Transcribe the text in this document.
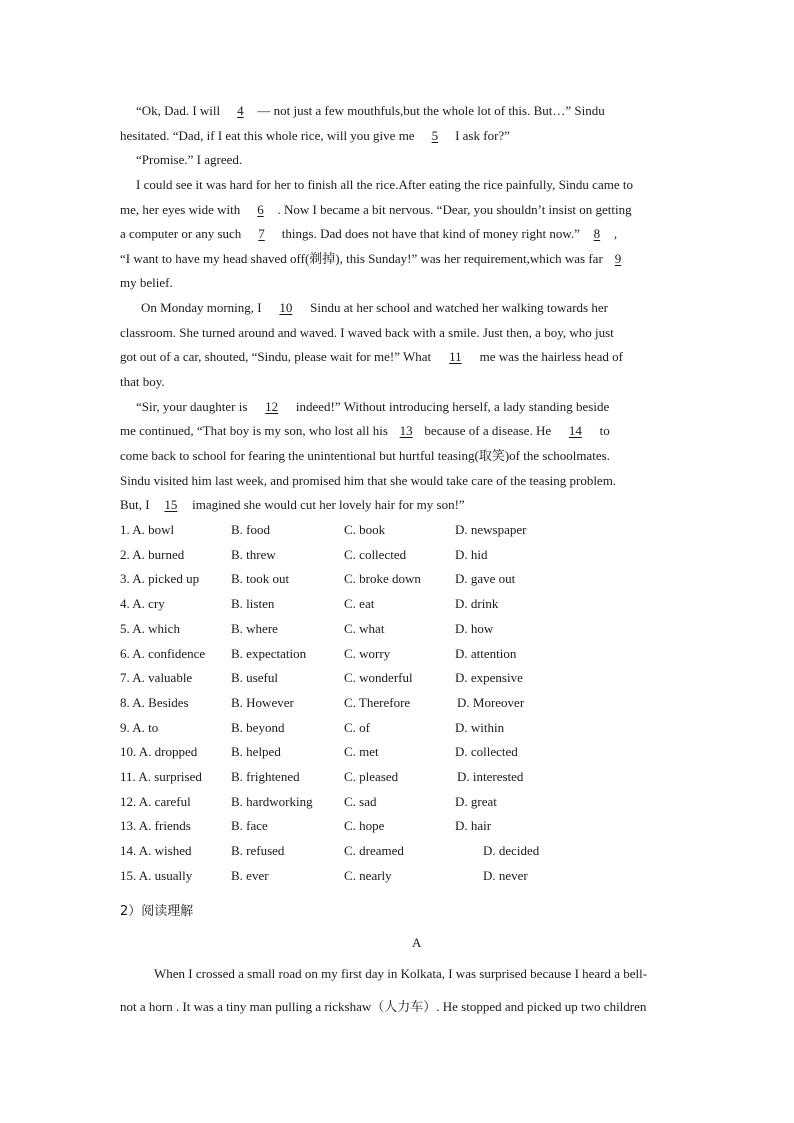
“Ok, Dad. I will 4 — not just a few mouthfuls,but the whole lot of this. But…” Sindu
hesitated. “Dad, if I eat this whole rice, will you give me 5 I ask for?”
“Promise.” I agreed.
I could see it was hard for her to finish all the rice.After eating the rice painfully, Sindu came to
me, her eyes wide with 6 . Now I became a bit nervous. “Dear, you shouldn’t insist on getting
a computer or any such 7 things. Dad does not have that kind of money right now.” 8 ,
“I want to have my head shaved off(剃掉), this Sunday!” was her requirement,which was far 9
my belief.
On Monday morning, I 10 Sindu at her school and watched her walking towards her
classroom. She turned around and waved. I waved back with a smile. Just then, a boy, who just
got out of a car, shouted, “Sindu, please wait for me!” What 11 me was the hairless head of
that boy.
“Sir, your daughter is 12 indeed!” Without introducing herself, a lady standing beside
me continued, “That boy is my son, who lost all his 13 because of a disease. He 14 to
come back to school for fearing the unintentional but hurtful teasing(取笑)of the schoolmates.
Sindu visited him last week, and promised him that she would take care of the teasing problem.
But, I 15 imagined she would cut her lovely hair for my son!”
1. A. bowl	B. food	C. book	D. newspaper
2. A. burned	B. threw	C. collected	D. hid
3. A. picked up B. took out	C. broke down	D. gave out
4. A. cry	B. listen	C. eat	D. drink
5. A. which	B. where	C. what	D. how
6. A. confidence B. expectation	C. worry	D. attention
7. A. valuable	B. useful	C. wonderful	D. expensive
8. A. Besides	B. However	C. Therefore	D. Moreover
9. A. to	B. beyond	C. of	D. within
10. A. dropped	B. helped	C. met	D. collected
11. A. surprised B. frightened	C. pleased	D. interested
12. A. careful	B. hardworking C. sad	D. great
13. A. friends	B. face	C. hope	D. hair
14. A. wished	B. refused	C. dreamed	D. decided
15. A. usually	B. ever	C. nearly	D. never
2）阅读理解
A
When I crossed a small road on my first day in Kolkata, I was surprised because I heard a bell-
not a horn . It was a tiny man pulling a rickshaw（人力车）. He stopped and picked up two children
